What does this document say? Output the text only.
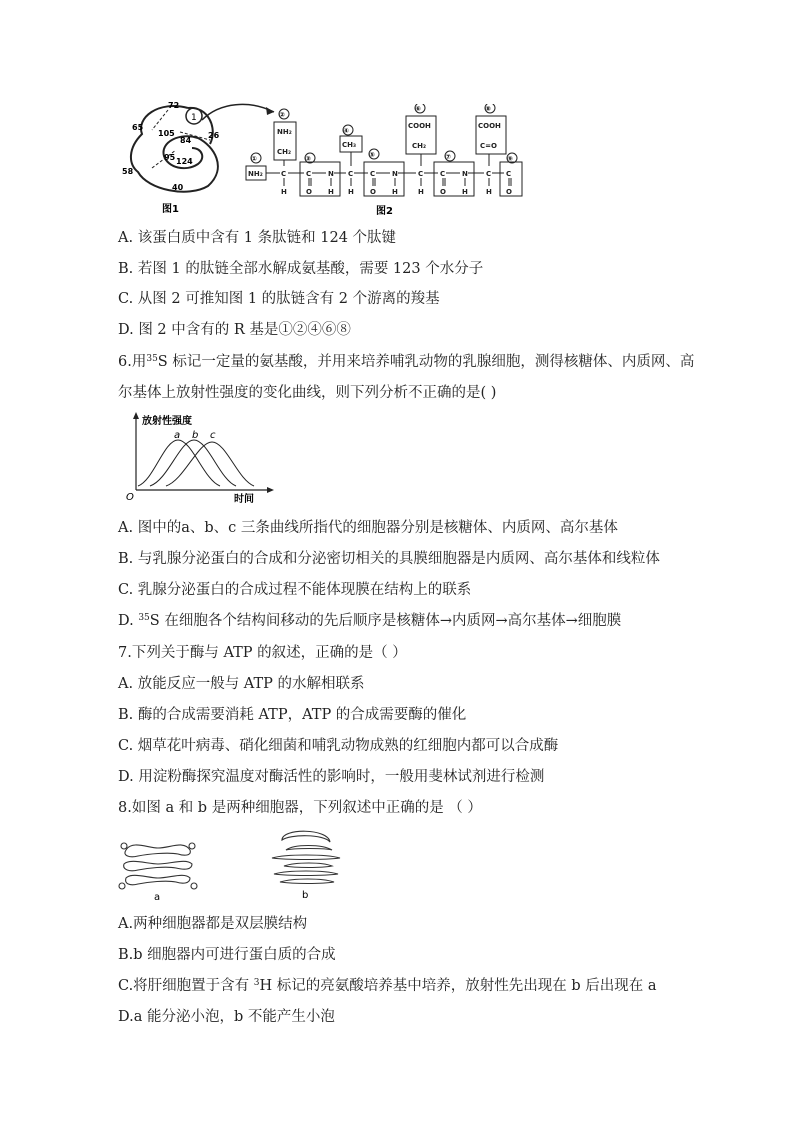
1
72
65
26
105
84
95 124
58
40
图1
①
②
③
④
⑤
⑥
⑦
⑧
⑨
NH₂
NH₂
CH₂
CH₃
COOH
CH₂
COOH
C=O
C	C N C C N	C C N	C C
H	O H H O H	H O H	H O
图2
A. 该蛋白质中含有 1 条肽链和 124 个肽键
B. 若图 1 的肽链全部水解成氨基酸，需要 123 个水分子
C. 从图 2 可推知图 1 的肽链含有 2 个游离的羧基
D. 图 2 中含有的 R 基是①②④⑥⑧
6.用$^{35}$S 标记一定量的氨基酸，并用来培养哺乳动物的乳腺细胞，测得核糖体、内质网、高
尔基体上放射性强度的变化曲线，则下列分析不正确的是( )
放射性强度
a b c
O	时间
A. 图中的a、b、c 三条曲线所指代的细胞器分别是核糖体、内质网、高尔基体
B. 与乳腺分泌蛋白的合成和分泌密切相关的具膜细胞器是内质网、高尔基体和线粒体
C. 乳腺分泌蛋白的合成过程不能体现膜在结构上的联系
D. $^{35}$S 在细胞各个结构间移动的先后顺序是核糖体→内质网→高尔基体→细胞膜
7.下列关于酶与 ATP 的叙述，正确的是（ ）
A. 放能反应一般与 ATP 的水解相联系
B. 酶的合成需要消耗 ATP，ATP 的合成需要酶的催化
C. 烟草花叶病毒、硝化细菌和哺乳动物成熟的红细胞内都可以合成酶
D. 用淀粉酶探究温度对酶活性的影响时，一般用斐林试剂进行检测
8.如图 a 和 b 是两种细胞器，下列叙述中正确的是 （ ）
a	b
A.两种细胞器都是双层膜结构
B.b 细胞器内可进行蛋白质的合成
C.将肝细胞置于含有 $^3$H 标记的亮氨酸培养基中培养，放射性先出现在 b 后出现在 a
D.a 能分泌小泡，b 不能产生小泡
